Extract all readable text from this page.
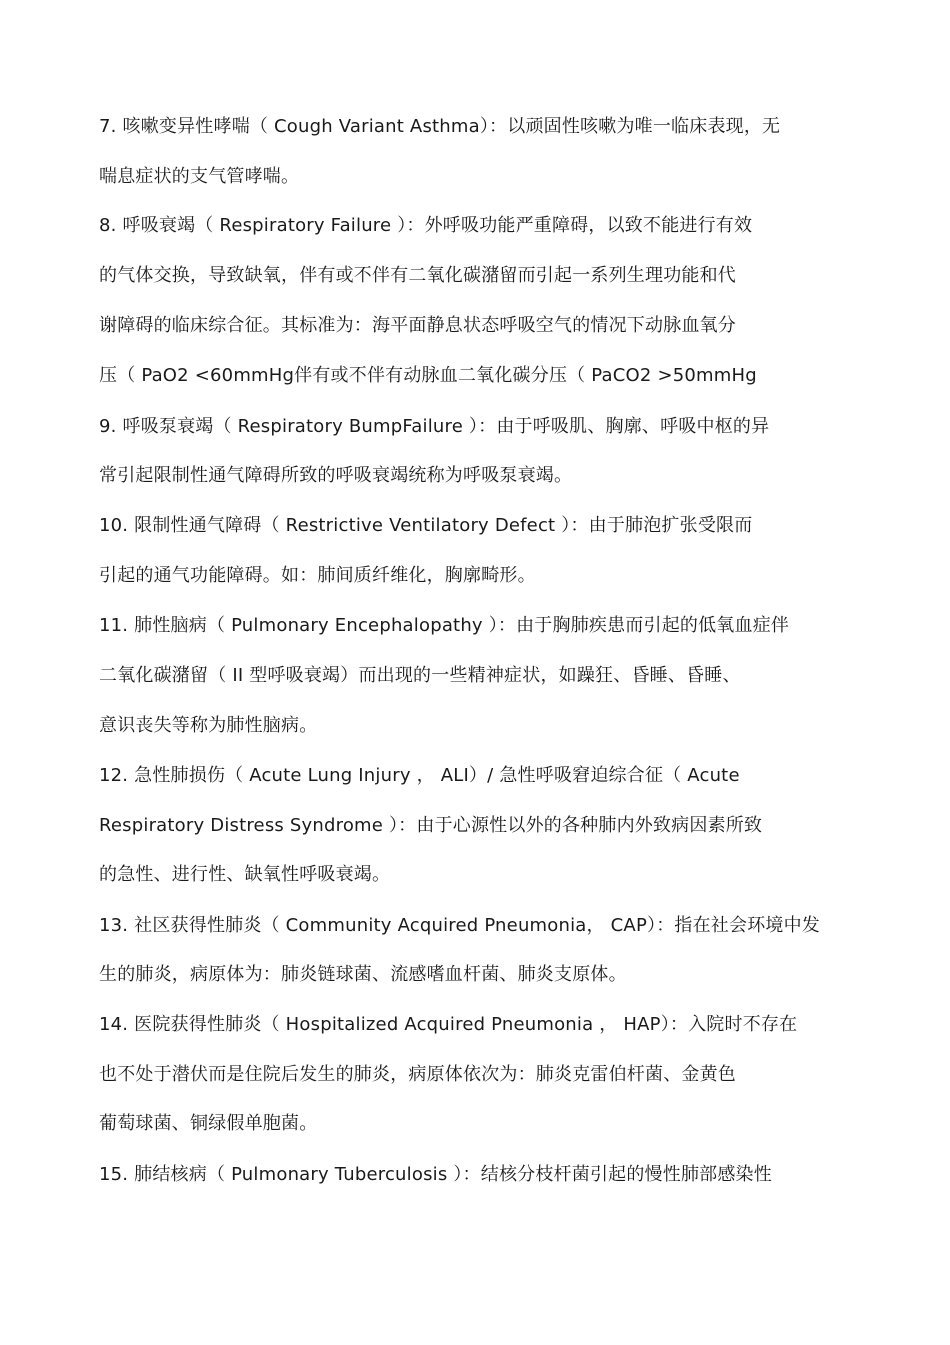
7. 咳嗽变异性哮喘（ Cough Variant Asthma）：以顽固性咳嗽为唯一临床表现，无
喘息症状的支气管哮喘。
8. 呼吸衰竭（ Respiratory Failure ）：外呼吸功能严重障碍，以致不能进行有效
的气体交换，导致缺氧，伴有或不伴有二氧化碳潴留而引起一系列生理功能和代
谢障碍的临床综合征。其标准为：海平面静息状态呼吸空气的情况下动脉血氧分
压（ PaO2 <60mmHg伴有或不伴有动脉血二氧化碳分压（ PaCO2 >50mmHg
9. 呼吸泵衰竭（ Respiratory BumpFailure ）：由于呼吸肌、胸廓、呼吸中枢的异
常引起限制性通气障碍所致的呼吸衰竭统称为呼吸泵衰竭。
10. 限制性通气障碍（ Restrictive Ventilatory Defect ）：由于肺泡扩张受限而
引起的通气功能障碍。如：肺间质纤维化，胸廓畸形。
11. 肺性脑病（ Pulmonary Encephalopathy ）：由于胸肺疾患而引起的低氧血症伴
二氧化碳潴留（ II 型呼吸衰竭）而出现的一些精神症状，如躁狂、昏睡、昏睡、
意识丧失等称为肺性脑病。
12. 急性肺损伤（ Acute Lung Injury ， ALI）/ 急性呼吸窘迫综合征（ Acute
Respiratory Distress Syndrome ）：由于心源性以外的各种肺内外致病因素所致
的急性、进行性、缺氧性呼吸衰竭。
13. 社区获得性肺炎（ Community Acquired Pneumonia， CAP）：指在社会环境中发
生的肺炎，病原体为：肺炎链球菌、流感嗜血杆菌、肺炎支原体。
14. 医院获得性肺炎（ Hospitalized Acquired Pneumonia ， HAP）：入院时不存在
也不处于潜伏而是住院后发生的肺炎，病原体依次为：肺炎克雷伯杆菌、金黄色
葡萄球菌、铜绿假单胞菌。
15. 肺结核病（ Pulmonary Tuberculosis ）：结核分枝杆菌引起的慢性肺部感染性
